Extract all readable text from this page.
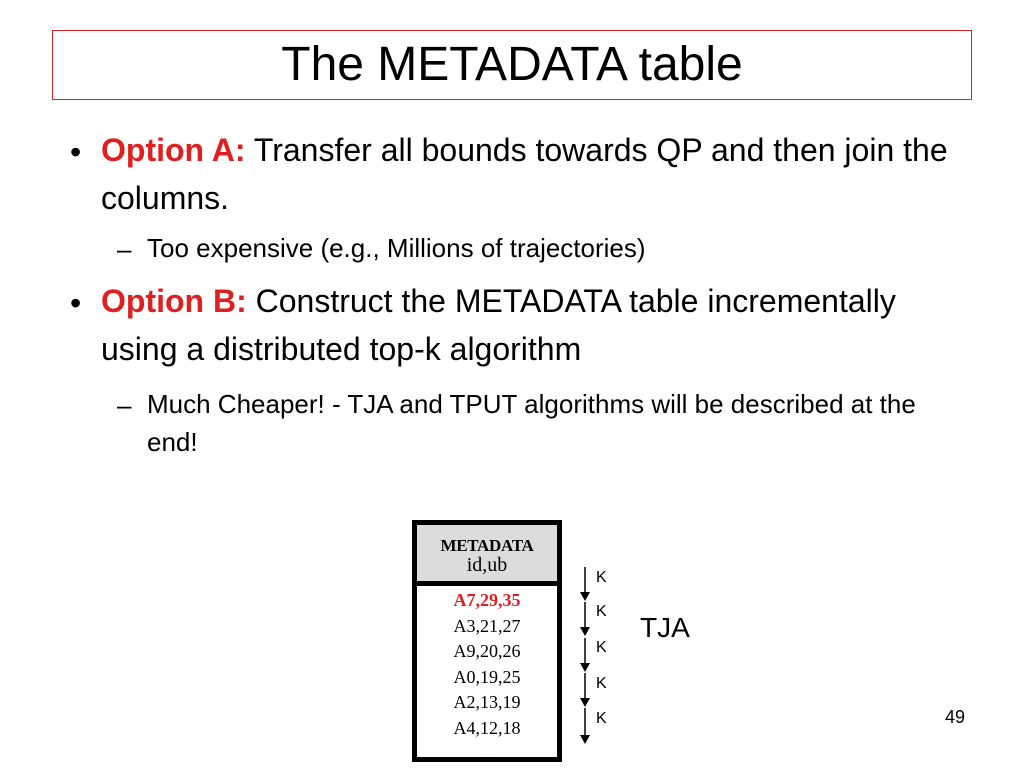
The METADATA table
• Option A: Transfer all bounds towards QP and then join the columns.
– Too expensive (e.g., Millions of trajectories)
• Option B: Construct the METADATA table incrementally using a distributed top-k algorithm
– Much Cheaper! - TJA and TPUT algorithms will be described at the end!
METADATA
id,ub
A7,29,35
A3,21,27
A9,20,26
A0,19,25
A2,13,19
A4,12,18
....
K
K
K
K
K
TJA
49
